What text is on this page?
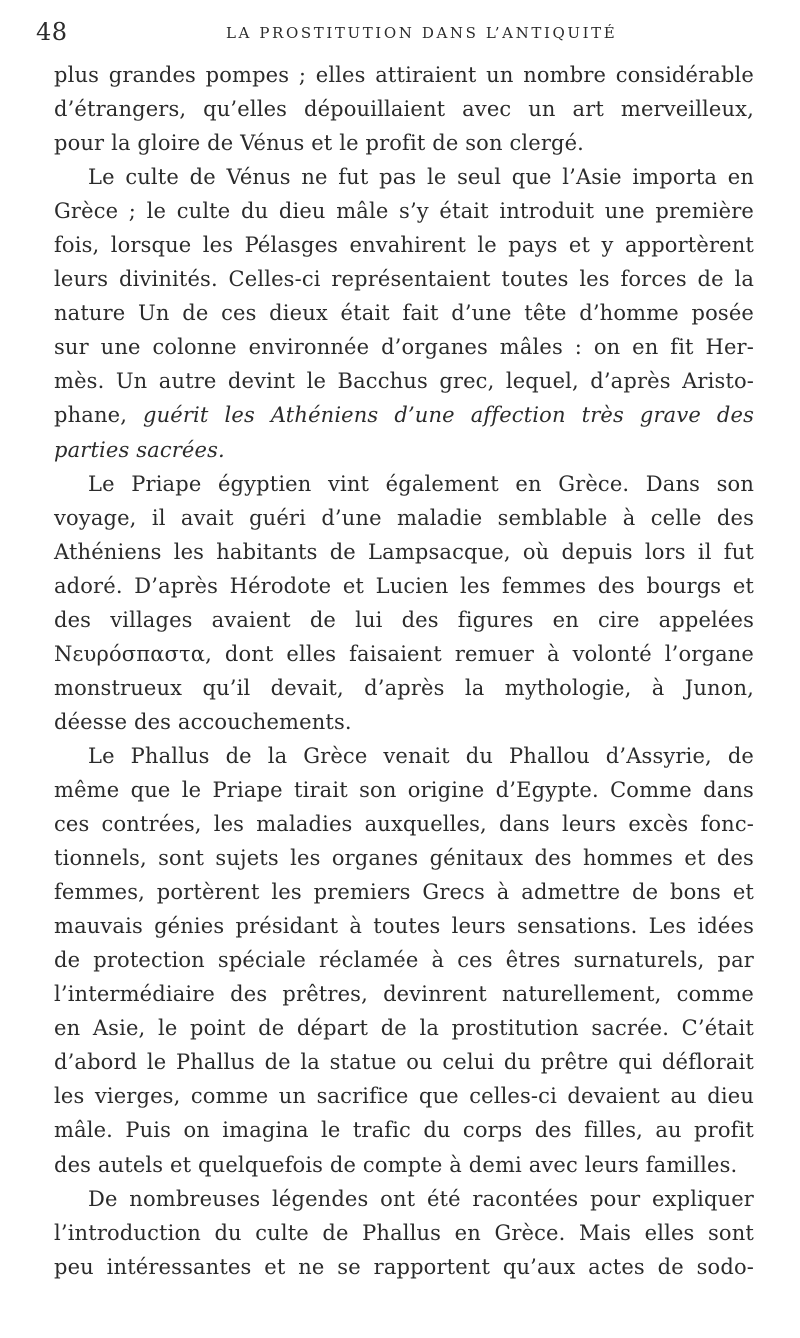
48	LA PROSTITUTION DANS L’ANTIQUITÉ
plus grandes pompes ; elles attiraient un nombre considérable
d’étrangers, qu’elles dépouillaient avec un art merveilleux,
pour la gloire de Vénus et le profit de son clergé.
Le culte de Vénus ne fut pas le seul que l’Asie importa en
Grèce ; le culte du dieu mâle s’y était introduit une première
fois, lorsque les Pélasges envahirent le pays et y apportèrent
leurs divinités. Celles-ci représentaient toutes les forces de la
nature Un de ces dieux était fait d’une tête d’homme posée
sur une colonne environnée d’organes mâles : on en fit Her-
mès. Un autre devint le Bacchus grec, lequel, d’après Aristo-
phane, guérit les Athéniens d’une affection très grave des
parties sacrées.
Le Priape égyptien vint également en Grèce. Dans son
voyage, il avait guéri d’une maladie semblable à celle des
Athéniens les habitants de Lampsacque, où depuis lors il fut
adoré. D’après Hérodote et Lucien les femmes des bourgs et
des villages avaient de lui des figures en cire appelées
Νευρόσπαστα, dont elles faisaient remuer à volonté l’organe
monstrueux qu’il devait, d’après la mythologie, à Junon,
déesse des accouchements.
Le Phallus de la Grèce venait du Phallou d’Assyrie, de
même que le Priape tirait son origine d’Egypte. Comme dans
ces contrées, les maladies auxquelles, dans leurs excès fonc-
tionnels, sont sujets les organes génitaux des hommes et des
femmes, portèrent les premiers Grecs à admettre de bons et
mauvais génies présidant à toutes leurs sensations. Les idées
de protection spéciale réclamée à ces êtres surnaturels, par
l’intermédiaire des prêtres, devinrent naturellement, comme
en Asie, le point de départ de la prostitution sacrée. C’était
d’abord le Phallus de la statue ou celui du prêtre qui déflorait
les vierges, comme un sacrifice que celles-ci devaient au dieu
mâle. Puis on imagina le trafic du corps des filles, au profit
des autels et quelquefois de compte à demi avec leurs familles.
De nombreuses légendes ont été racontées pour expliquer
l’introduction du culte de Phallus en Grèce. Mais elles sont
peu intéressantes et ne se rapportent qu’aux actes de sodo-
